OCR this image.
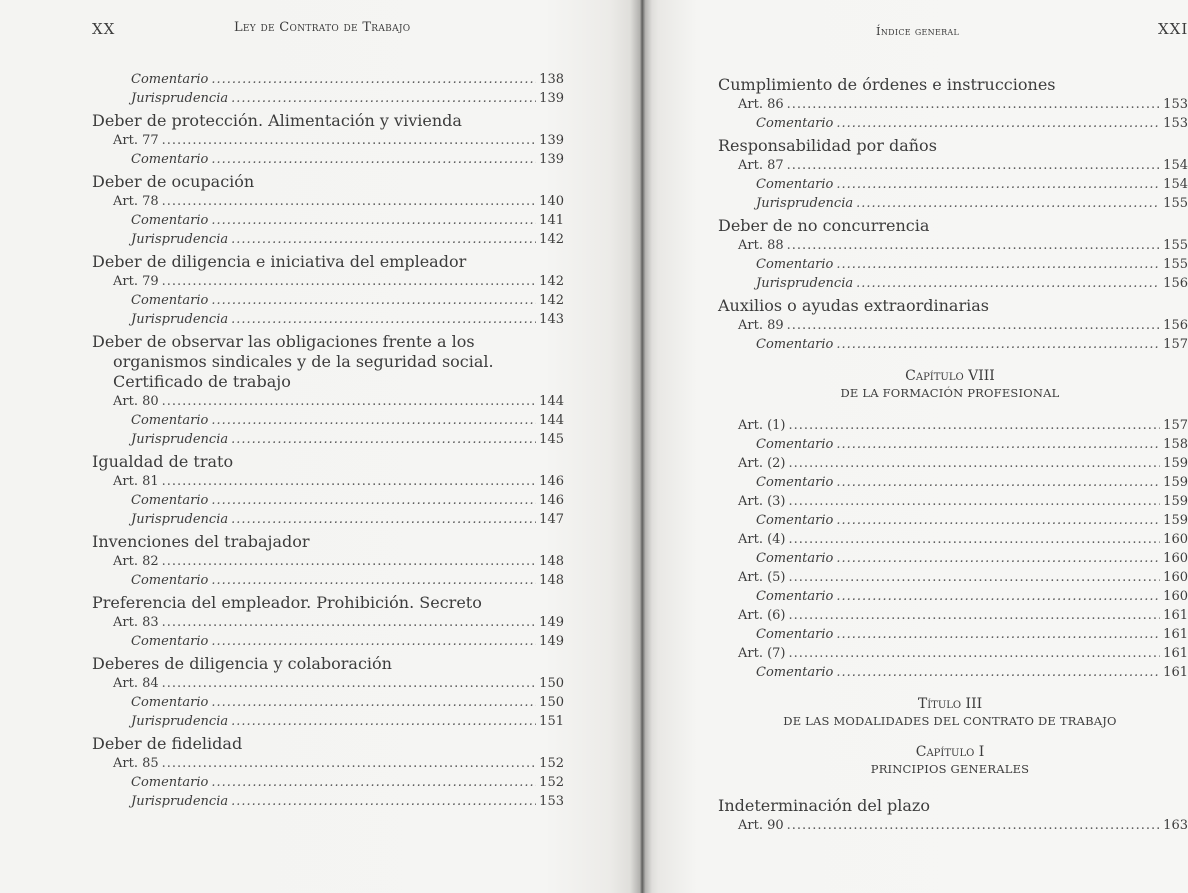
XX	Ley de Contrato de Trabajo
Comentario .....	138
Jurisprudencia .....	139
Deber de protección. Alimentación y vivienda
Art. 77 .....	139
Comentario .....	139
Deber de ocupación
Art. 78 .....	140
Comentario .....	141
Jurisprudencia .....	142
Deber de diligencia e iniciativa del empleador
Art. 79 .....	142
Comentario .....	142
Jurisprudencia .....	143
Deber de observar las obligaciones frente a los
organismos sindicales y de la seguridad social.
Certificado de trabajo
Art. 80 .....	144
Comentario .....	144
Jurisprudencia .....	145
Igualdad de trato
Art. 81 .....	146
Comentario .....	146
Jurisprudencia .....	147
Invenciones del trabajador
Art. 82 .....	148
Comentario .....	148
Preferencia del empleador. Prohibición. Secreto
Art. 83 .....	149
Comentario .....	149
Deberes de diligencia y colaboración
Art. 84 .....	150
Comentario .....	150
Jurisprudencia .....	151
Deber de fidelidad
Art. 85 .....	152
Comentario .....	152
Jurisprudencia .....	153
Índice general	XXI
Cumplimiento de órdenes e instrucciones
Art. 86 .....	153
Comentario .....	153
Responsabilidad por daños
Art. 87 .....	154
Comentario .....	154
Jurisprudencia .....	155
Deber de no concurrencia
Art. 88 .....	155
Comentario .....	155
Jurisprudencia .....	156
Auxilios o ayudas extraordinarias
Art. 89 .....	156
Comentario .....	157
Capítulo VIII
DE LA FORMACIÓN PROFESIONAL
Art. (1) .....	157
Comentario .....	158
Art. (2) .....	159
Comentario .....	159
Art. (3) .....	159
Comentario .....	159
Art. (4) .....	160
Comentario .....	160
Art. (5) .....	160
Comentario .....	160
Art. (6) .....	161
Comentario .....	161
Art. (7) .....	161
Comentario .....	161
Título III
DE LAS MODALIDADES DEL CONTRATO DE TRABAJO
Capítulo I
PRINCIPIOS GENERALES
Indeterminación del plazo
Art. 90 .....	163
